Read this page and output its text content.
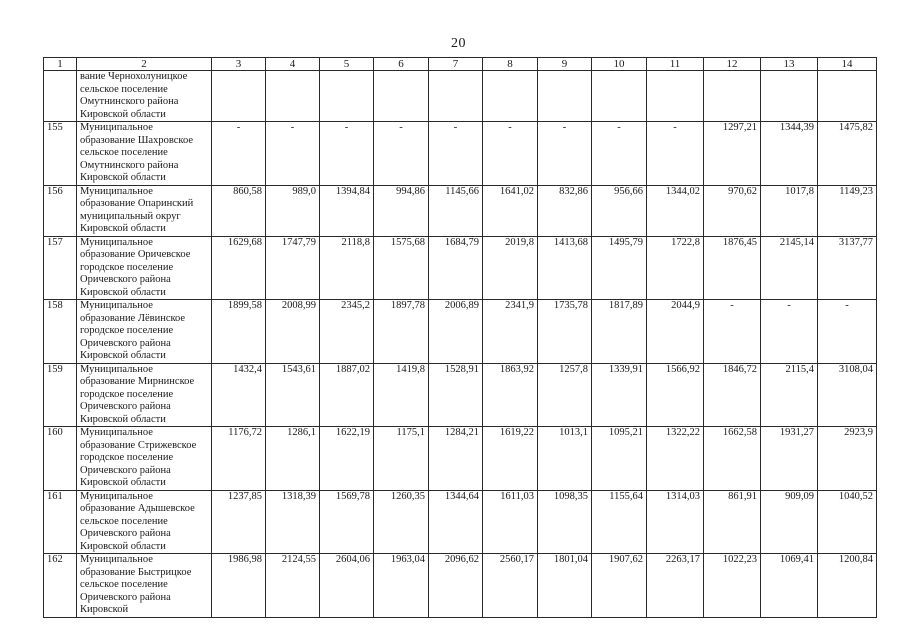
20
1	2	3	4	5	6	7	8	9	10	11	12	13	14
	вание Чернохолуницкое сельское поселение Омутнинского района Кировской области												
155	Муниципальное образование Шахровское сельское поселение Омутнинского района Кировской области	-	-	-	-	-	-	-	-	-	1297,21	1344,39	1475,82
156	Муниципальное образование Опаринский муниципальный округ Кировской области	860,58	989,0	1394,84	994,86	1145,66	1641,02	832,86	956,66	1344,02	970,62	1017,8	1149,23
157	Муниципальное образование Оричевское городское поселение Оричевского района Кировской области	1629,68	1747,79	2118,8	1575,68	1684,79	2019,8	1413,68	1495,79	1722,8	1876,45	2145,14	3137,77
158	Муниципальное образование Лёвинское городское поселение Оричевского района Кировской области	1899,58	2008,99	2345,2	1897,78	2006,89	2341,9	1735,78	1817,89	2044,9	-	-	-
159	Муниципальное образование Мирнинское городское поселение Оричевского района Кировской области	1432,4	1543,61	1887,02	1419,8	1528,91	1863,92	1257,8	1339,91	1566,92	1846,72	2115,4	3108,04
160	Муниципальное образование Стрижевское городское поселение Оричевского района Кировской области	1176,72	1286,1	1622,19	1175,1	1284,21	1619,22	1013,1	1095,21	1322,22	1662,58	1931,27	2923,9
161	Муниципальное образование Адышевское сельское поселение Оричевского района Кировской области	1237,85	1318,39	1569,78	1260,35	1344,64	1611,03	1098,35	1155,64	1314,03	861,91	909,09	1040,52
162	Муниципальное образование Быстрицкое сельское поселение Оричевского района Кировской	1986,98	2124,55	2604,06	1963,04	2096,62	2560,17	1801,04	1907,62	2263,17	1022,23	1069,41	1200,84
